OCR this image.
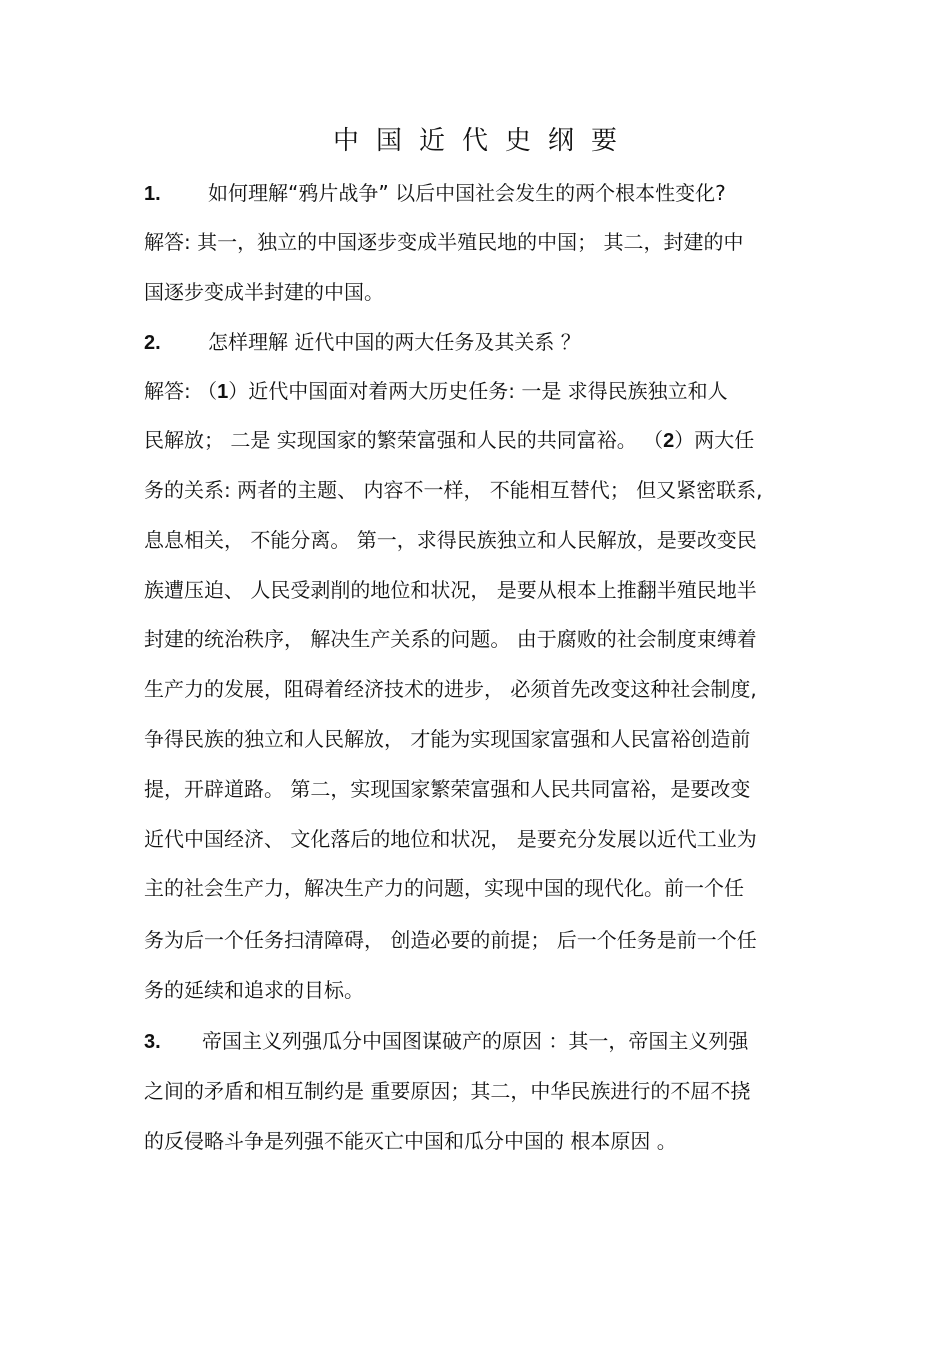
中国近代史纲要
1. 如何理解“鸦片战争” 以后中国社会发生的两个根本性变化?
解答: 其一，独立的中国逐步变成半殖民地的中国； 其二，封建的中
国逐步变成半封建的中国。
2. 怎样理解 近代中国的两大任务及其关系 ？
解答: （1）近代中国面对着两大历史任务: 一是 求得民族独立和人
民解放； 二是 实现国家的繁荣富强和人民的共同富裕。 （2）两大任
务的关系: 两者的主题、 内容不一样， 不能相互替代； 但又紧密联系,
息息相关， 不能分离。 第一，求得民族独立和人民解放，是要改变民
族遭压迫、 人民受剥削的地位和状况， 是要从根本上推翻半殖民地半
封建的统治秩序， 解决生产关系的问题。 由于腐败的社会制度束缚着
生产力的发展，阻碍着经济技术的进步， 必须首先改变这种社会制度,
争得民族的独立和人民解放， 才能为实现国家富强和人民富裕创造前
提，开辟道路。 第二，实现国家繁荣富强和人民共同富裕，是要改变
近代中国经济、 文化落后的地位和状况， 是要充分发展以近代工业为
主的社会生产力，解决生产力的问题，实现中国的现代化。前一个任
务为后一个任务扫清障碍， 创造必要的前提； 后一个任务是前一个任
务的延续和追求的目标。
3. 帝国主义列强瓜分中国图谋破产的原因 ：其一，帝国主义列强
之间的矛盾和相互制约是 重要原因；其二，中华民族进行的不屈不挠
的反侵略斗争是列强不能灭亡中国和瓜分中国的 根本原因 。
